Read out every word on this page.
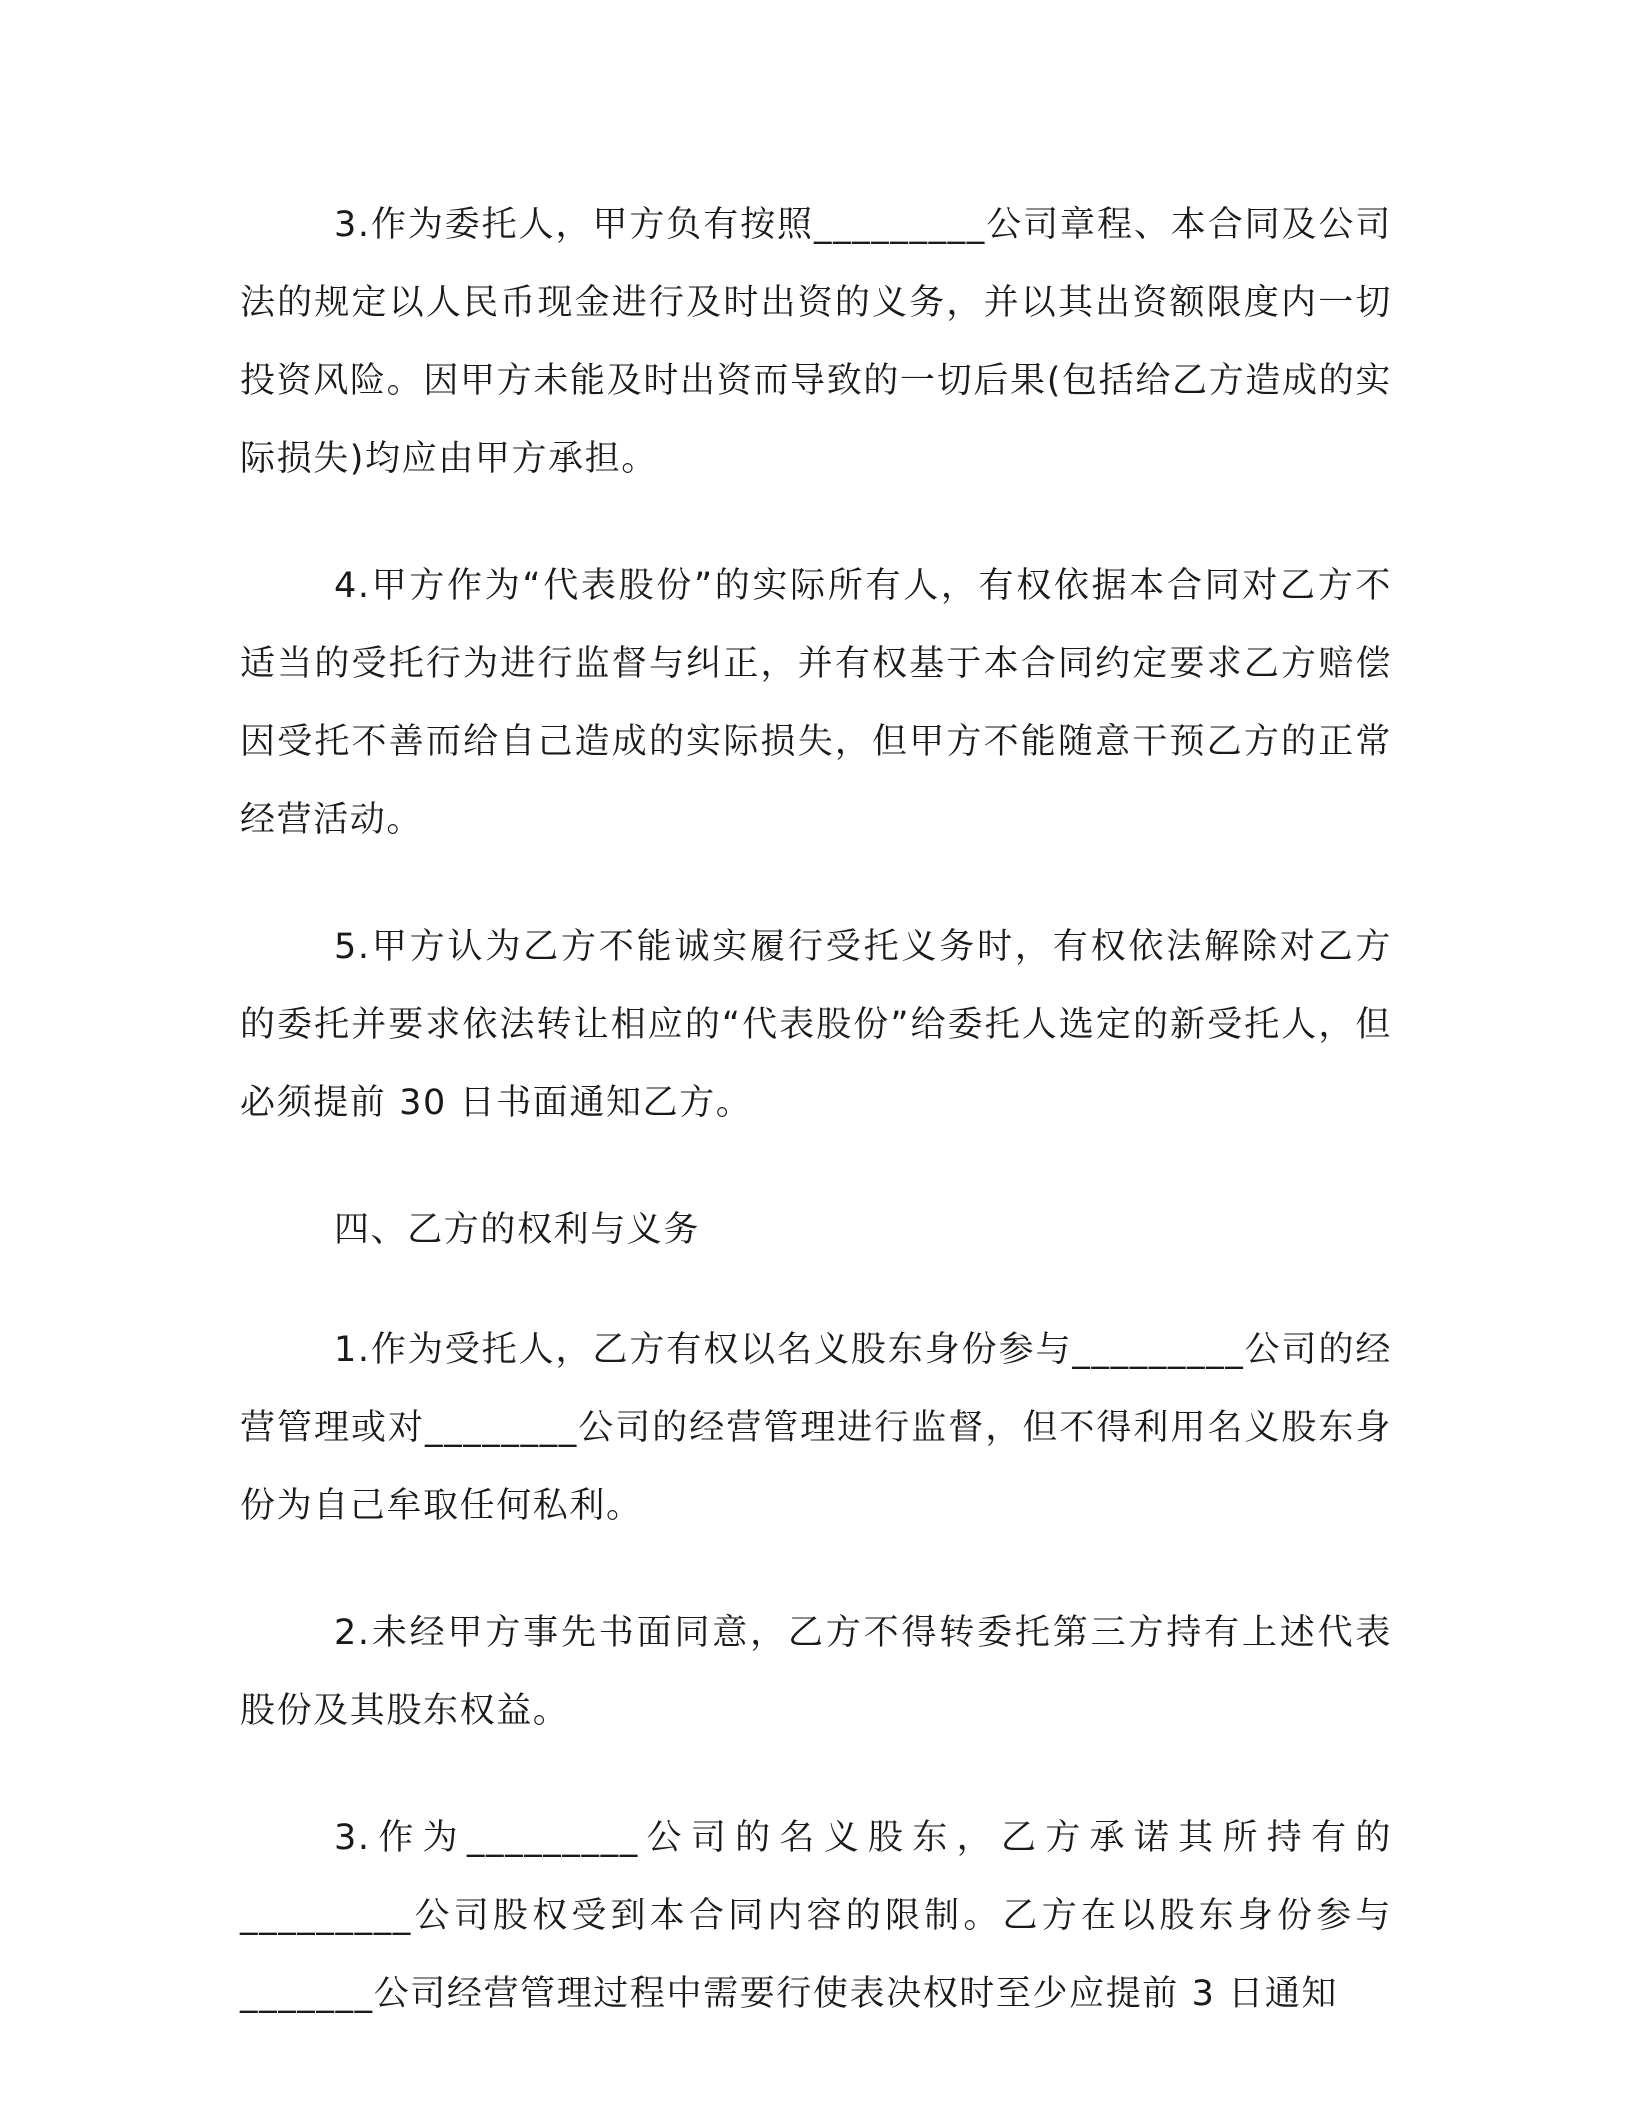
3.作为委托人，甲方负有按照_________公司章程、本合同及公司法的规定以人民币现金进行及时出资的义务，并以其出资额限度内一切投资风险。因甲方未能及时出资而导致的一切后果(包括给乙方造成的实际损失)均应由甲方承担。

4.甲方作为“代表股份”的实际所有人，有权依据本合同对乙方不适当的受托行为进行监督与纠正，并有权基于本合同约定要求乙方赔偿因受托不善而给自己造成的实际损失，但甲方不能随意干预乙方的正常经营活动。

5.甲方认为乙方不能诚实履行受托义务时，有权依法解除对乙方的委托并要求依法转让相应的“代表股份”给委托人选定的新受托人，但必须提前 30 日书面通知乙方。

四、乙方的权利与义务

1.作为受托人，乙方有权以名义股东身份参与_________公司的经营管理或对________公司的经营管理进行监督，但不得利用名义股东身份为自己牟取任何私利。

2.未经甲方事先书面同意，乙方不得转委托第三方持有上述代表股份及其股东权益。

3.作为_________公司的名义股东，乙方承诺其所持有的_________公司股权受到本合同内容的限制。乙方在以股东身份参与_______公司经营管理过程中需要行使表决权时至少应提前 3 日通知
